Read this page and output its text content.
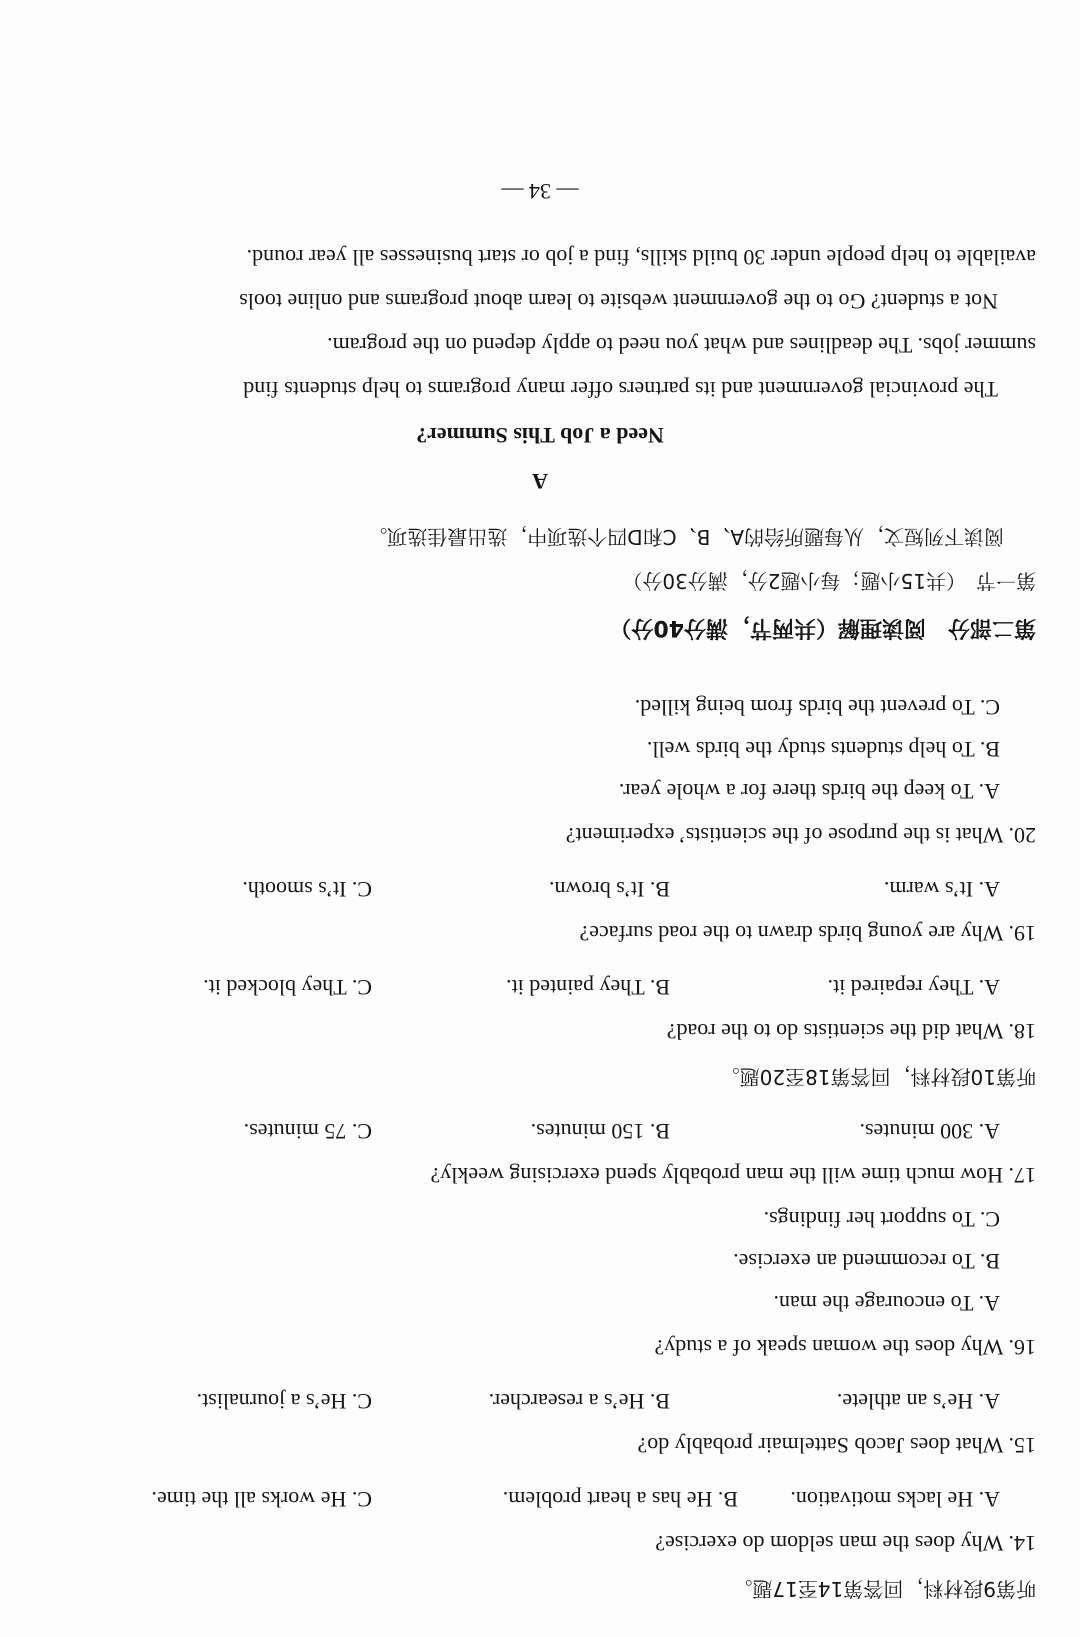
听第9段材料，回答第14至17题。
14. Why does the man seldom do exercise?
A. He lacks motivation.
B. He has a heart problem.
C. He works all the time.
15. What does Jacob Sattelmair probably do?
A. He’s an athlete.
B. He’s a researcher.
C. He’s a journalist.
16. Why does the woman speak of a study?
A. To encourage the man.
B. To recommend an exercise.
C. To support her findings.
17. How much time will the man probably spend exercising weekly?
A. 300 minutes.
B. 150 minutes.
C. 75 minutes.
听第10段材料，回答第18至20题。
18. What did the scientists do to the road?
A. They repaired it.
B. They painted it.
C. They blocked it.
19. Why are young birds drawn to the road surface?
A. It’s warm.
B. It’s brown.
C. It’s smooth.
20. What is the purpose of the scientists’ experiment?
A. To keep the birds there for a whole year.
B. To help students study the birds well.
C. To prevent the birds from being killed.
第二部分　阅读理解（共两节，满分40分）
第一节　（共15小题；每小题2分，满分30分）
阅读下列短文，从每题所给的A、B、C和D四个选项中，选出最佳选项。
A
Need a Job This Summer?
The provincial government and its partners offer many programs to help students find
summer jobs. The deadlines and what you need to apply depend on the program.
Not a student? Go to the government website to learn about programs and online tools
available to help people under 30 build skills, find a job or start businesses all year round.
— 34 —
